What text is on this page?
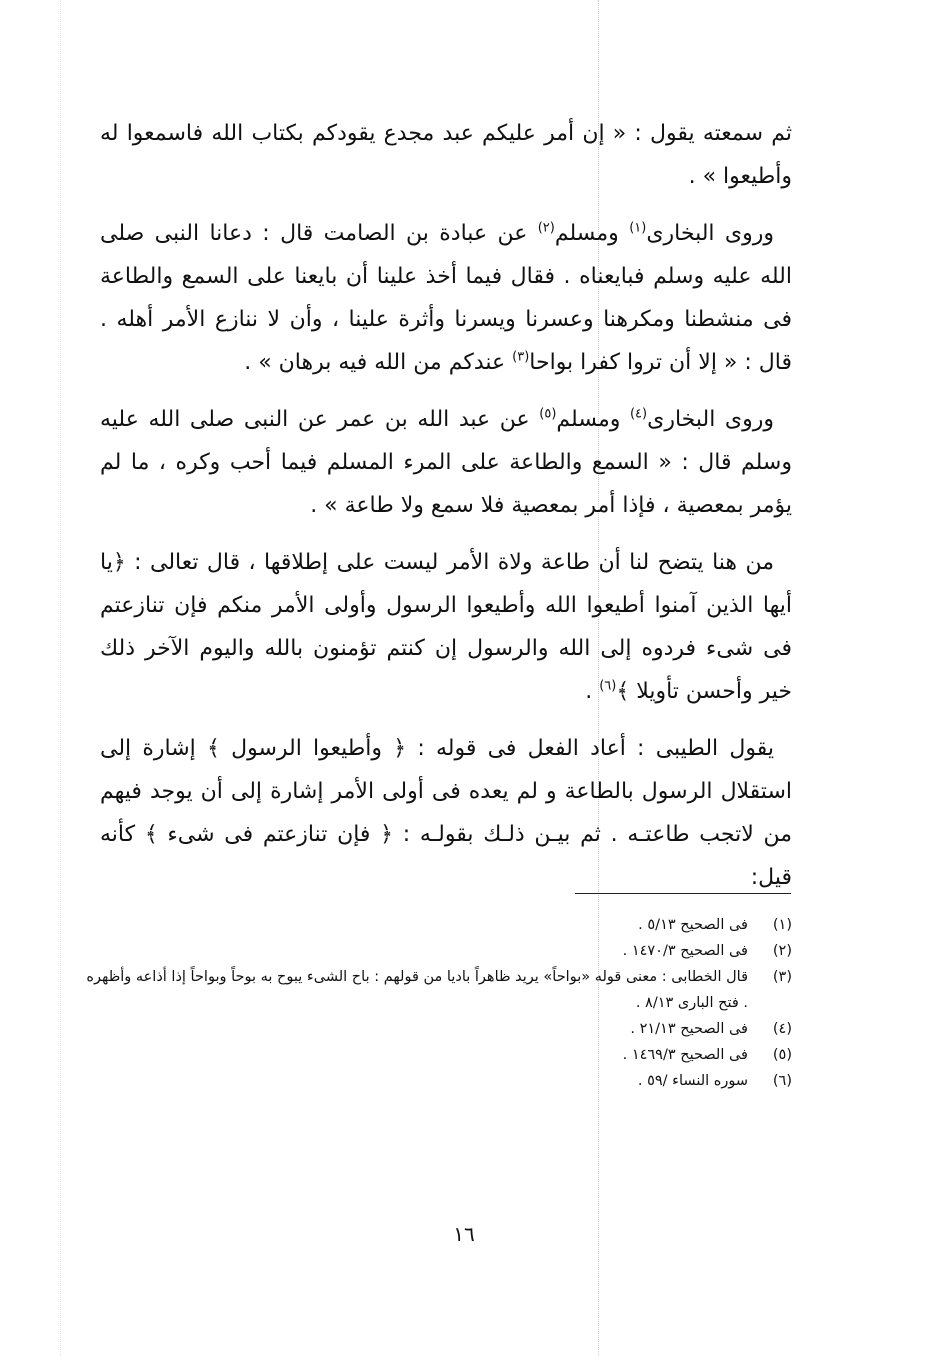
ثم سمعته يقول : « إن أمر عليكم عبد مجدع يقودكم بكتاب الله فاسمعوا له وأطيعوا » .

وروى البخارى$^{(١)}$ ومسلم$^{(٢)}$ عن عبادة بن الصامت قال : دعانا النبى صلى الله عليه وسلم فبايعناه . فقال فيما أخذ علينا أن بايعنا على السمع والطاعة فى منشطنا ومكرهنا وعسرنا ويسرنا وأثرة علينا ، وأن لا ننازع الأمر أهله . قال : « إلا أن تروا كفرا بواحا$^{(٣)}$ عندكم من الله فيه برهان » .

وروى البخارى$^{(٤)}$ ومسلم$^{(٥)}$ عن عبد الله بن عمر عن النبى صلى الله عليه وسلم قال : « السمع والطاعة على المرء المسلم فيما أحب وكره ، ما لم يؤمر بمعصية ، فإذا أمر بمعصية فلا سمع ولا طاعة » .

من هنا يتضح لنا أن طاعة ولاة الأمر ليست على إطلاقها ، قال تعالى : ﴿يا أيها الذين آمنوا أطيعوا الله وأطيعوا الرسول وأولى الأمر منكم فإن تنازعتم فى شىء فردوه إلى الله والرسول إن كنتم تؤمنون بالله واليوم الآخر ذلك خير وأحسن تأويلا ﴾$^{(٦)}$ .

يقول الطيبى : أعاد الفعل فى قوله : ﴿ وأطيعوا الرسول ﴾ إشارة إلى استقلال الرسول بالطاعة و لم يعده فى أولى الأمر إشارة إلى أن يوجد فيهم من لاتجب طاعتـه . ثم بيـن ذلـك بقولـه : ﴿ فإن تنازعتم فى شىء ﴾ كأنه قيل:

(١)
فى الصحيح ٥/١٣ .
(٢)
فى الصحيح ١٤٧٠/٣ .
(٣)
قال الخطابى : معنى قوله «بواحاً» يريد ظاهراً باديا من قولهم : باح الشىء يبوح به بوحاً وبواحاً إذا أذاعه وأظهره . فتح البارى ٨/١٣ .
(٤)
فى الصحيح ٢١/١٣ .
(٥)
فى الصحيح ١٤٦٩/٣ .
(٦)
سوره النساء /٥٩ .
١٦
